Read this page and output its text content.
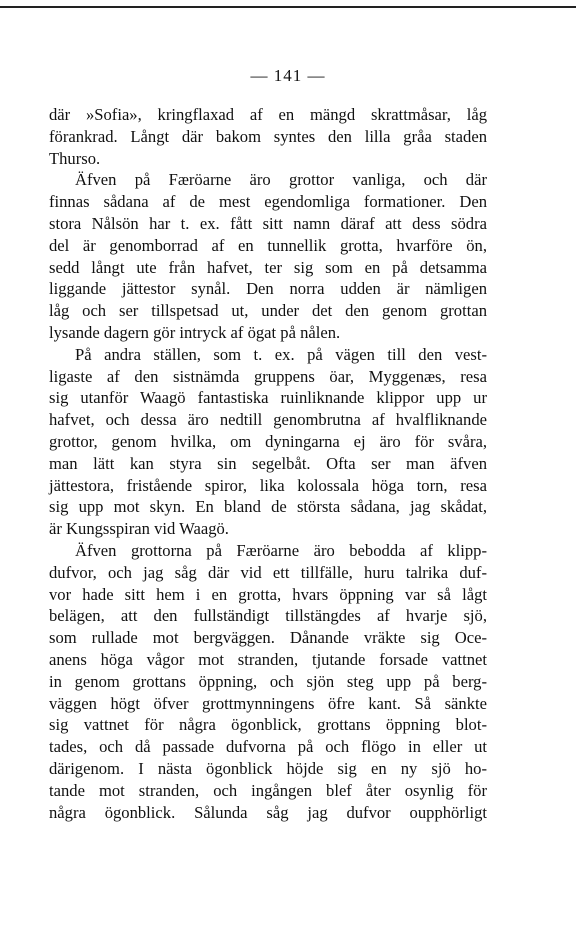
— 141 —
där »Sofia», kringflaxad af en mängd skrattmåsar, låg
förankrad. Långt där bakom syntes den lilla gråa staden
Thurso.
Äfven på Færöarne äro grottor vanliga, och där
finnas sådana af de mest egendomliga formationer. Den
stora Nålsön har t. ex. fått sitt namn däraf att dess södra
del är genomborrad af en tunnellik grotta, hvarföre ön,
sedd långt ute från hafvet, ter sig som en på detsamma
liggande jättestor synål. Den norra udden är nämligen
låg och ser tillspetsad ut, under det den genom grottan
lysande dagern gör intryck af ögat på nålen.
På andra ställen, som t. ex. på vägen till den vest-
ligaste af den sistnämda gruppens öar, Myggenæs, resa
sig utanför Waagö fantastiska ruinliknande klippor upp ur
hafvet, och dessa äro nedtill genombrutna af hvalfliknande
grottor, genom hvilka, om dyningarna ej äro för svåra,
man lätt kan styra sin segelbåt. Ofta ser man äfven
jättestora, fristående spiror, lika kolossala höga torn, resa
sig upp mot skyn. En bland de största sådana, jag skådat,
är Kungsspiran vid Waagö.
Äfven grottorna på Færöarne äro bebodda af klipp-
dufvor, och jag såg där vid ett tillfälle, huru talrika duf-
vor hade sitt hem i en grotta, hvars öppning var så lågt
belägen, att den fullständigt tillstängdes af hvarje sjö,
som rullade mot bergväggen. Dånande vräkte sig Oce-
anens höga vågor mot stranden, tjutande forsade vattnet
in genom grottans öppning, och sjön steg upp på berg-
väggen högt öfver grottmynningens öfre kant. Så sänkte
sig vattnet för några ögonblick, grottans öppning blot-
tades, och då passade dufvorna på och flögo in eller ut
därigenom. I nästa ögonblick höjde sig en ny sjö ho-
tande mot stranden, och ingången blef åter osynlig för
några ögonblick. Sålunda såg jag dufvor oupphörligt
